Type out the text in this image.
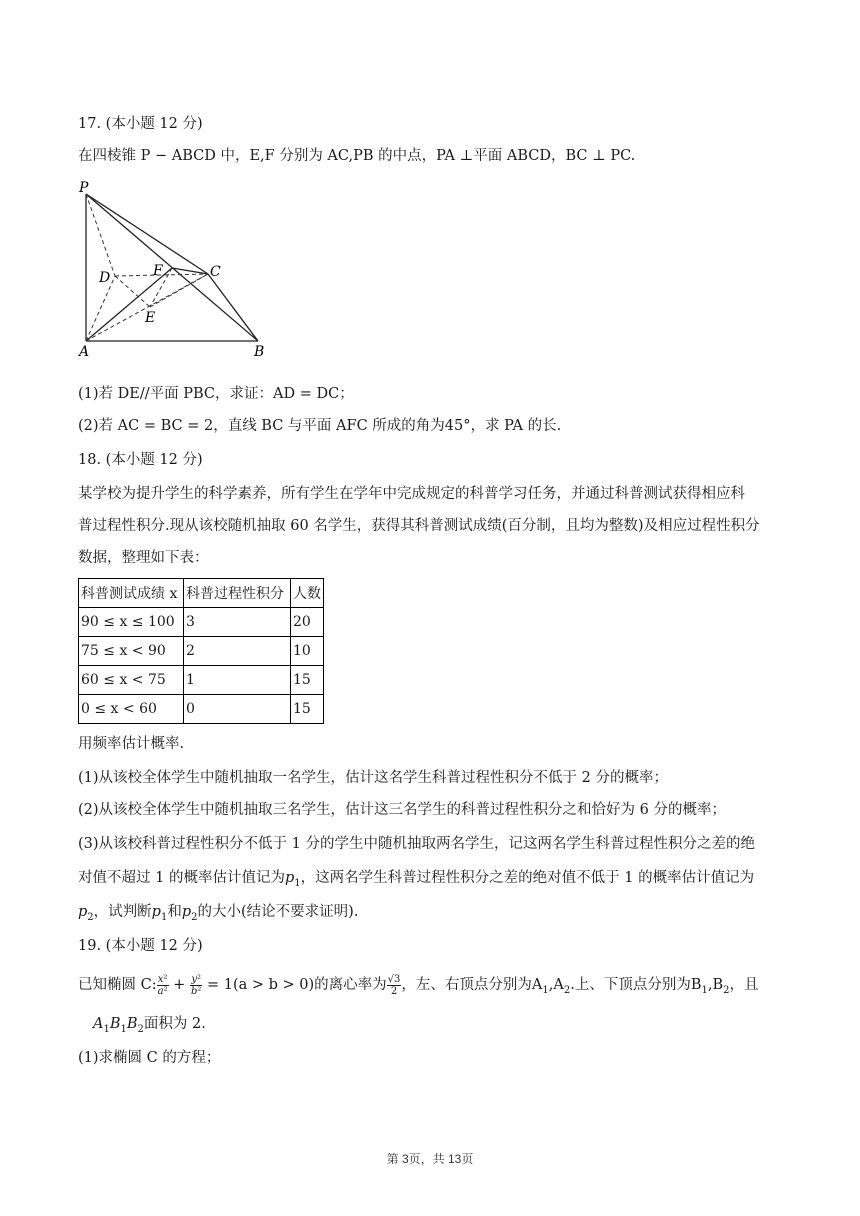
17. (本小题 12 分)
在四棱锥 P − ABCD 中，E,F 分别为 AC,PB 的中点，PA ⊥平面 ABCD，BC ⊥ PC.
P
D	F	C
E
A	B
(1)若 DE//平面 PBC，求证：AD = DC；
(2)若 AC = BC = 2，直线 BC 与平面 AFC 所成的角为45°，求 PA 的长.
18. (本小题 12 分)
某学校为提升学生的科学素养，所有学生在学年中完成规定的科普学习任务，并通过科普测试获得相应科
普过程性积分.现从该校随机抽取 60 名学生，获得其科普测试成绩(百分制，且均为整数)及相应过程性积分
数据，整理如下表：
科普测试成绩 x	科普过程性积分	人数
90 ≤ x ≤ 100	3	20
75 ≤ x < 90	2	10
60 ≤ x < 75	1	15
0 ≤ x < 60	0	15
用频率估计概率.
(1)从该校全体学生中随机抽取一名学生，估计这名学生科普过程性积分不低于 2 分的概率；
(2)从该校全体学生中随机抽取三名学生，估计这三名学生的科普过程性积分之和恰好为 6 分的概率；
(3)从该校科普过程性积分不低于 1 分的学生中随机抽取两名学生，记这两名学生科普过程性积分之差的绝
对值不超过 1 的概率估计值记为$p_1$，这两名学生科普过程性积分之差的绝对值不低于 1 的概率估计值记为
$p_2$，试判断$p_1$和$p_2$的大小(结论不要求证明).
19. (本小题 12 分)
已知椭圆 C: $\frac{\text{x²}}{\text{a²}} + \frac{\text{y²}}{\text{b²}} = 1(a > b > 0)$的离心率为 $\frac{√3}{2}$ ，左、右顶点分别为$A_1,A_2$.上、下顶点分别为$B_1,B_2$，且
$A_1B_1B_2$面积为 2.
(1)求椭圆 C 的方程；
第 3页，共 13页
